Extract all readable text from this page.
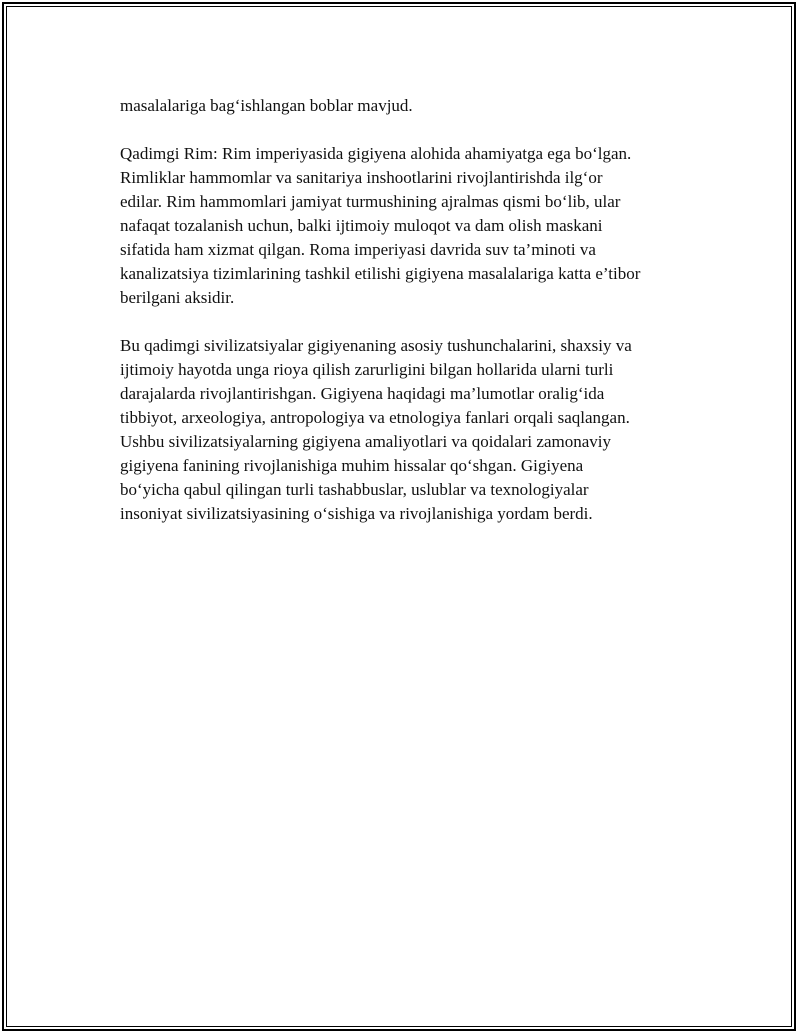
masalalariga bag‘ishlangan boblar mavjud.

Qadimgi Rim: Rim imperiyasida gigiyena alohida ahamiyatga ega bo‘lgan.
Rimliklar hammomlar va sanitariya inshootlarini rivojlantirishda ilg‘or
edilar. Rim hammomlari jamiyat turmushining ajralmas qismi bo‘lib, ular
nafaqat tozalanish uchun, balki ijtimoiy muloqot va dam olish maskani
sifatida ham xizmat qilgan. Roma imperiyasi davrida suv ta’minoti va
kanalizatsiya tizimlarining tashkil etilishi gigiyena masalalariga katta e’tibor
berilgani aksidir.

Bu qadimgi sivilizatsiyalar gigiyenaning asosiy tushunchalarini, shaxsiy va
ijtimoiy hayotda unga rioya qilish zarurligini bilgan hollarida ularni turli
darajalarda rivojlantirishgan. Gigiyena haqidagi ma’lumotlar oralig‘ida
tibbiyot, arxeologiya, antropologiya va etnologiya fanlari orqali saqlangan.
Ushbu sivilizatsiyalarning gigiyena amaliyotlari va qoidalari zamonaviy
gigiyena fanining rivojlanishiga muhim hissalar qo‘shgan. Gigiyena
bo‘yicha qabul qilingan turli tashabbuslar, uslublar va texnologiyalar
insoniyat sivilizatsiyasining o‘sishiga va rivojlanishiga yordam berdi.
